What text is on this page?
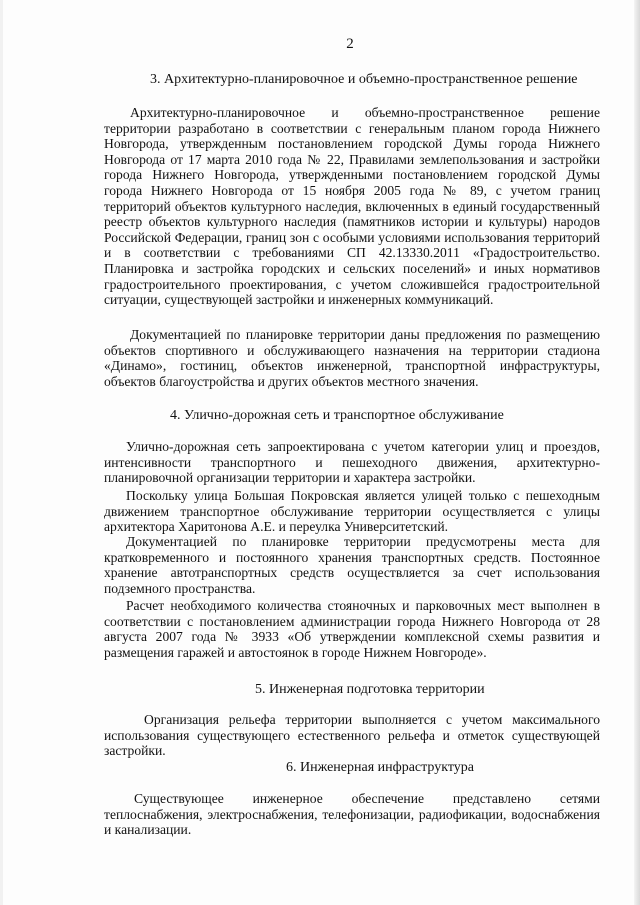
2
3. Архитектурно-планировочное и объемно-пространственное решение
Архитектурно-планировочное и объемно-пространственное решение территории разработано в соответствии с генеральным планом города Нижнего Новгорода, утвержденным постановлением городской Думы города Нижнего Новгорода от 17 марта 2010 года № 22, Правилами землепользования и застройки города Нижнего Новгорода, утвержденными постановлением городской Думы города Нижнего Новгорода от 15 ноября 2005 года № 89, с учетом границ территорий объектов культурного наследия, включенных в единый государственный реестр объектов культурного наследия (памятников истории и культуры) народов Российской Федерации, границ зон с особыми условиями использования территорий и в соответствии с требованиями СП 42.13330.2011 «Градостроительство. Планировка и застройка городских и сельских поселений» и иных нормативов градостроительного проектирования, с учетом сложившейся градостроительной ситуации, существующей застройки и инженерных коммуникаций.
Документацией по планировке территории даны предложения по размещению объектов спортивного и обслуживающего назначения на территории стадиона «Динамо», гостиниц, объектов инженерной, транспортной инфраструктуры, объектов благоустройства и других объектов местного значения.
4. Улично-дорожная сеть и транспортное обслуживание
Улично-дорожная сеть запроектирована с учетом категории улиц и проездов, интенсивности транспортного и пешеходного движения, архитектурно-планировочной организации территории и характера застройки.
Поскольку улица Большая Покровская является улицей только с пешеходным движением транспортное обслуживание территории осуществляется с улицы архитектора Харитонова А.Е. и переулка Университетский.
Документацией по планировке территории предусмотрены места для кратковременного и постоянного хранения транспортных средств. Постоянное хранение автотранспортных средств осуществляется за счет использования подземного пространства.
Расчет необходимого количества стояночных и парковочных мест выполнен в соответствии с постановлением администрации города Нижнего Новгорода от 28 августа 2007 года № 3933 «Об утверждении комплексной схемы развития и размещения гаражей и автостоянок в городе Нижнем Новгороде».
5. Инженерная подготовка территории
Организация рельефа территории выполняется с учетом максимального использования существующего естественного рельефа и отметок существующей застройки.
6. Инженерная инфраструктура
Существующее инженерное обеспечение представлено сетями теплоснабжения, электроснабжения, телефонизации, радиофикации, водоснабжения и канализации.
